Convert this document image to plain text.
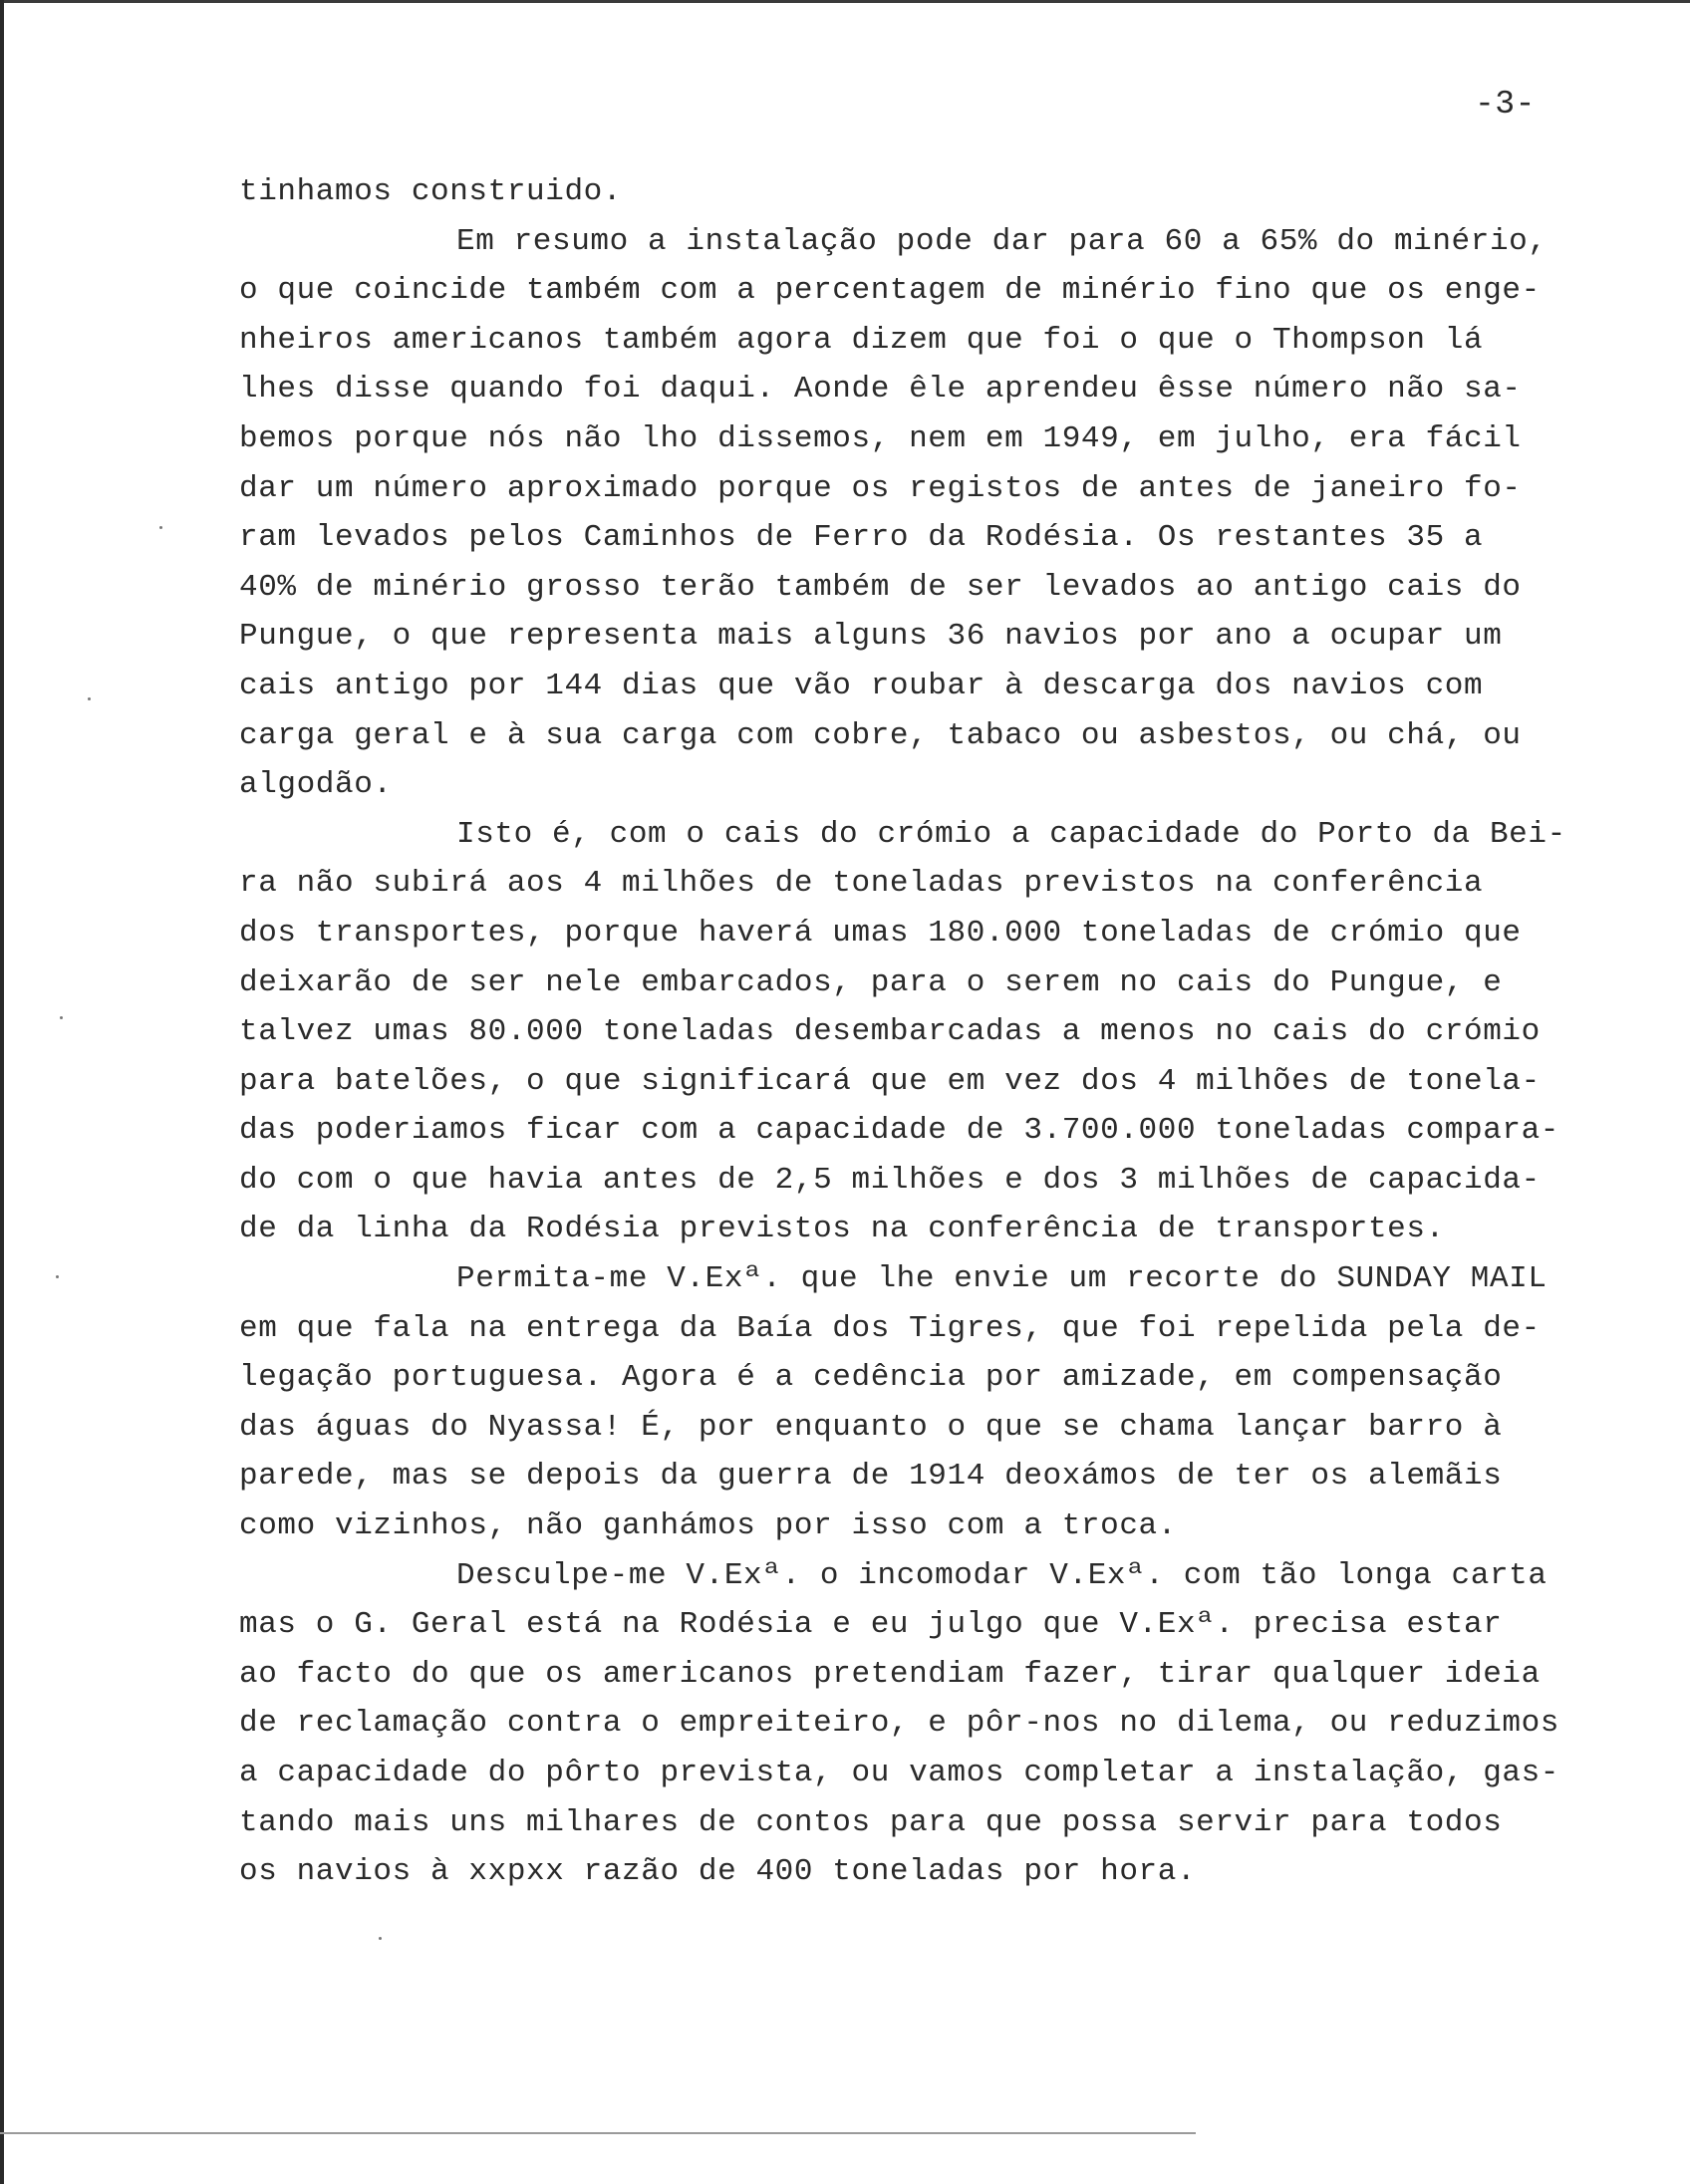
-3-
tinhamos construido.
Em resumo a instalação pode dar para 60 a 65% do minério,
o que coincide também com a percentagem de minério fino que os enge-
nheiros americanos também agora dizem que foi o que o Thompson lá
lhes disse quando foi daqui. Aonde êle aprendeu êsse número não sa-
bemos porque nós não lho dissemos, nem em 1949, em julho, era fácil
dar um número aproximado porque os registos de antes de janeiro fo-
ram levados pelos Caminhos de Ferro da Rodésia. Os restantes 35 a
40% de minério grosso terão também de ser levados ao antigo cais do
Pungue, o que representa mais alguns 36 navios por ano a ocupar um
cais antigo por 144 dias que vão roubar à descarga dos navios com
carga geral e à sua carga com cobre, tabaco ou asbestos, ou chá, ou
algodão.
Isto é, com o cais do crómio a capacidade do Porto da Bei-
ra não subirá aos 4 milhões de toneladas previstos na conferência
dos transportes, porque haverá umas 180.000 toneladas de crómio que
deixarão de ser nele embarcados, para o serem no cais do Pungue, e
talvez umas 80.000 toneladas desembarcadas a menos no cais do crómio
para batelões, o que significará que em vez dos 4 milhões de tonela-
das poderiamos ficar com a capacidade de 3.700.000 toneladas compara-
do com o que havia antes de 2,5 milhões e dos 3 milhões de capacida-
de da linha da Rodésia previstos na conferência de transportes.
Permita-me V.Exª. que lhe envie um recorte do SUNDAY MAIL
em que fala na entrega da Baía dos Tigres, que foi repelida pela de-
legação portuguesa. Agora é a cedência por amizade, em compensação
das águas do Nyassa! É, por enquanto o que se chama lançar barro à
parede, mas se depois da guerra de 1914 deoxámos de ter os alemãis
como vizinhos, não ganhámos por isso com a troca.
Desculpe-me V.Exª. o incomodar V.Exª. com tão longa carta
mas o G. Geral está na Rodésia e eu julgo que V.Exª. precisa estar
ao facto do que os americanos pretendiam fazer, tirar qualquer ideia
de reclamação contra o empreiteiro, e pôr-nos no dilema, ou reduzimos
a capacidade do pôrto prevista, ou vamos completar a instalação, gas-
tando mais uns milhares de contos para que possa servir para todos
os navios à xxpxx razão de 400 toneladas por hora.
